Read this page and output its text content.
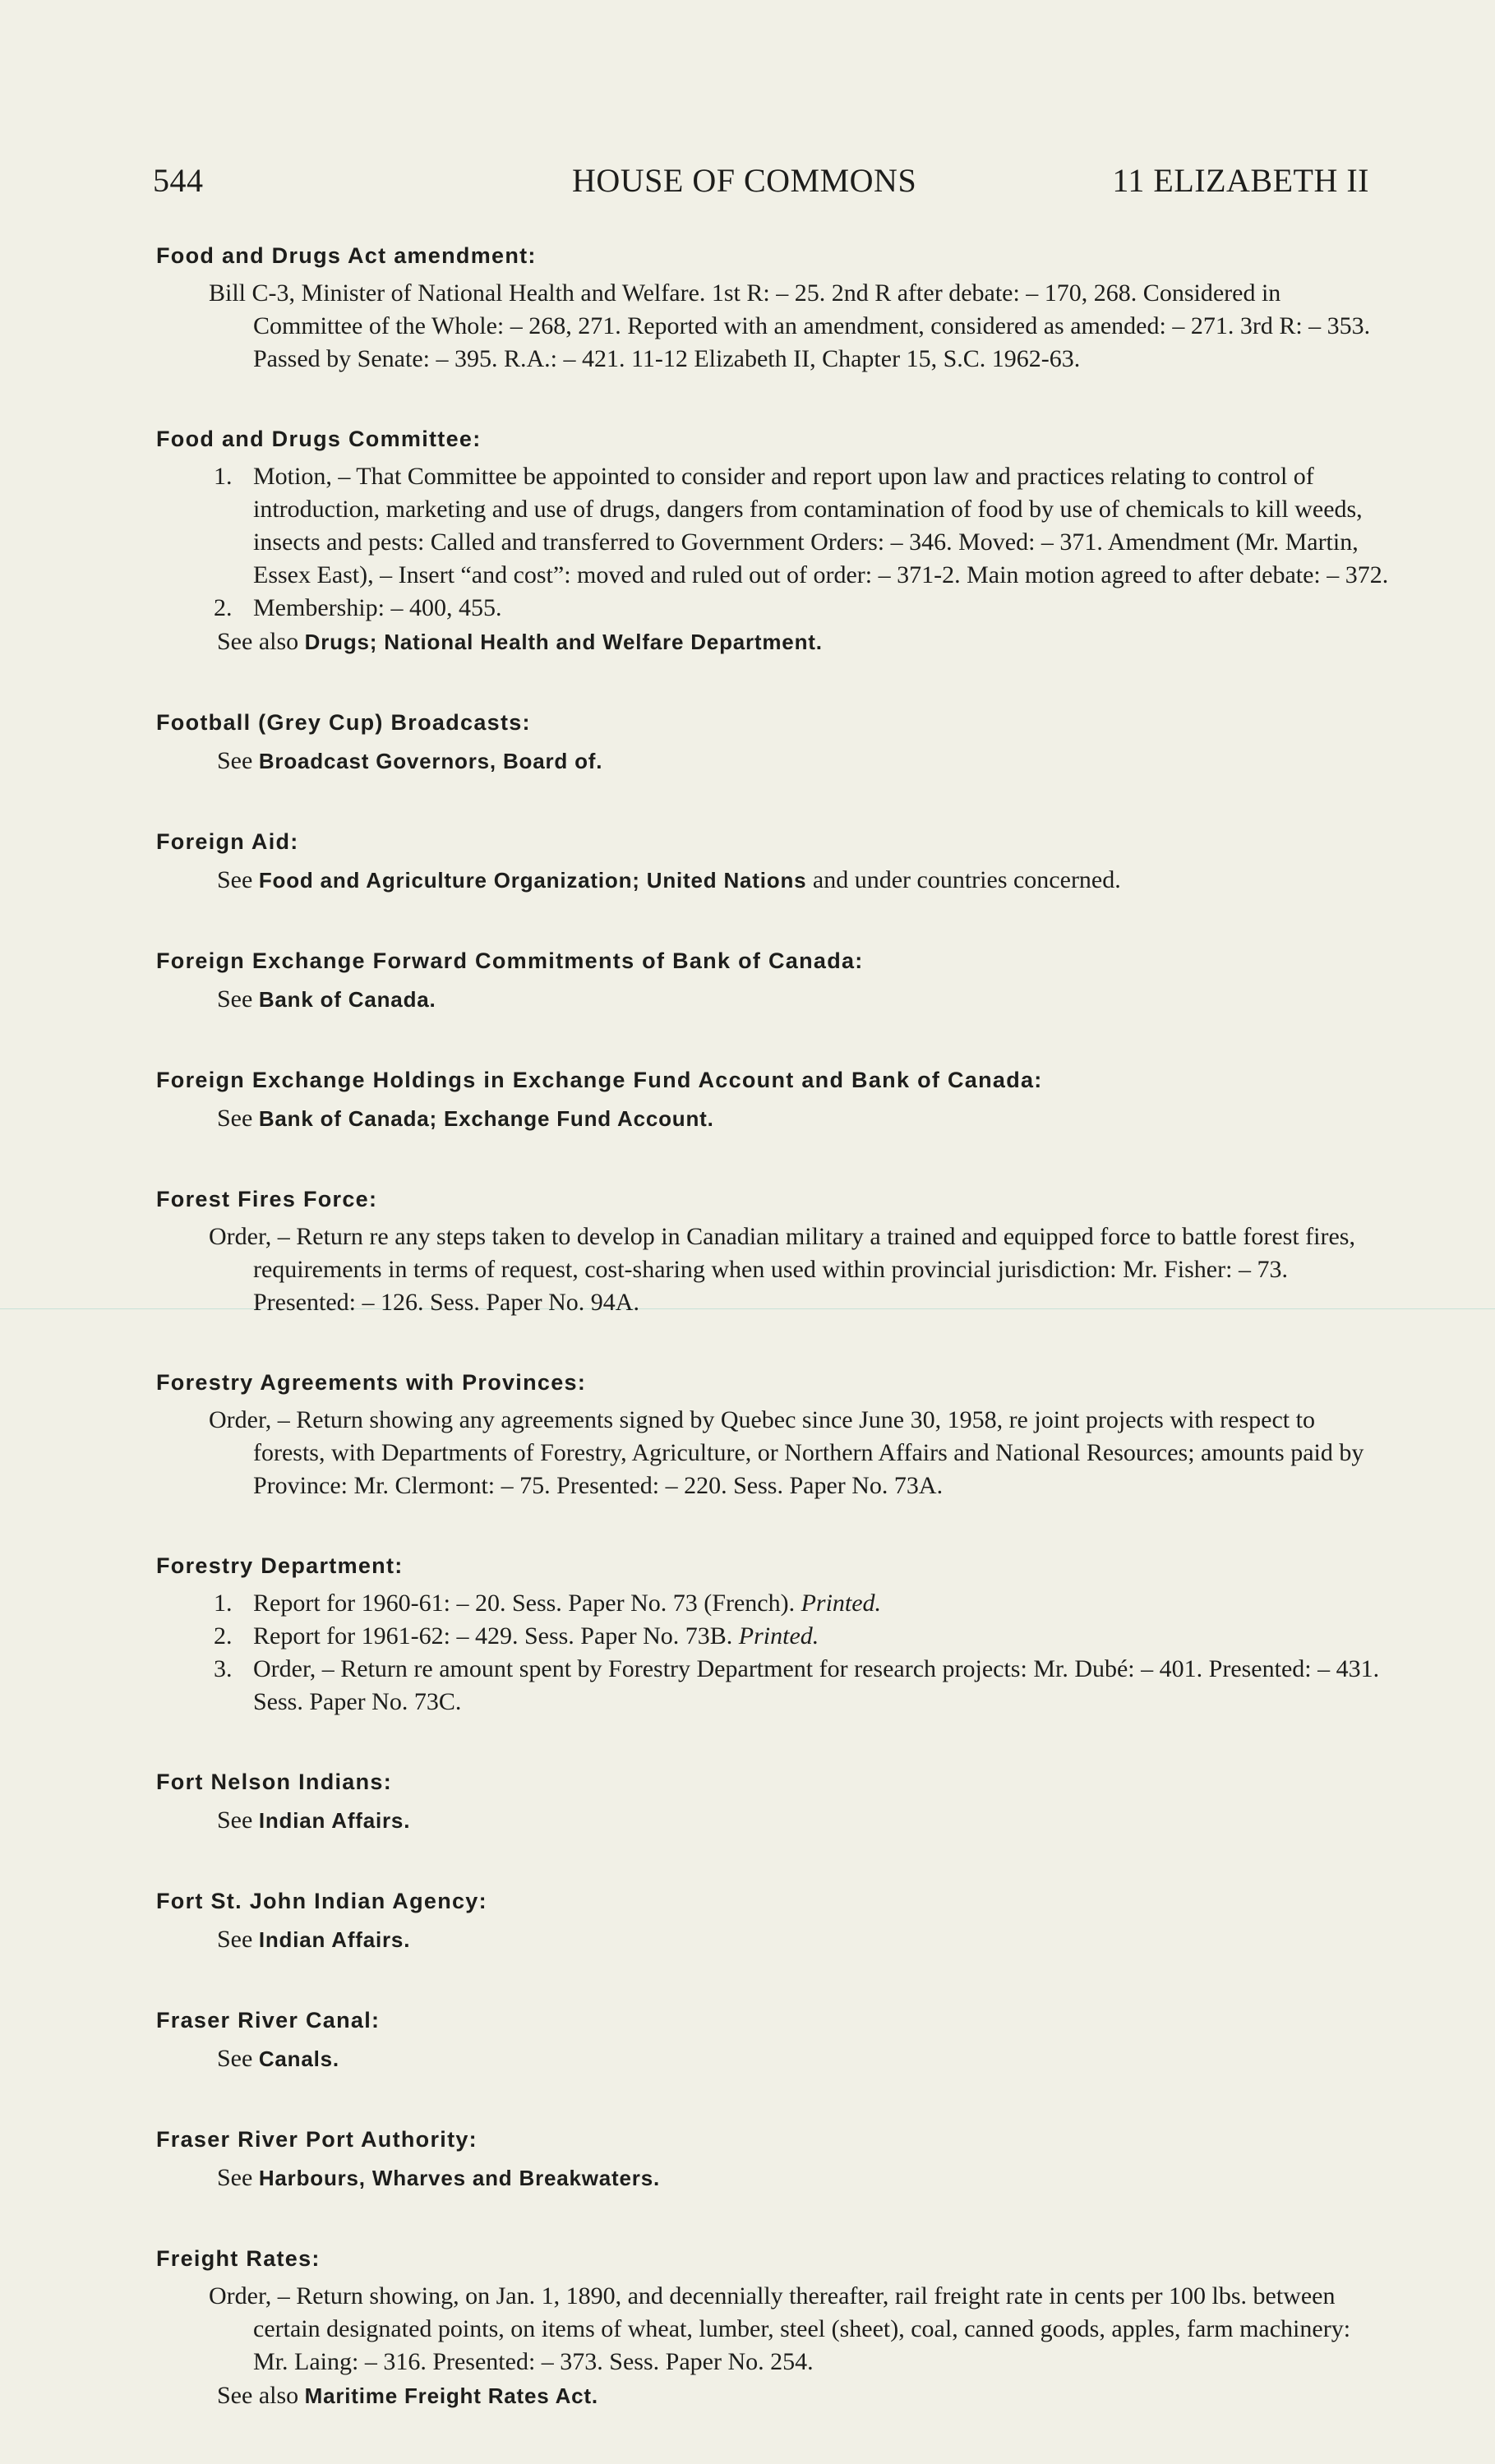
544	HOUSE OF COMMONS	11 ELIZABETH II
Food and Drugs Act amendment:
Bill C-3, Minister of National Health and Welfare. 1st R: – 25. 2nd R after debate: – 170, 268. Considered in Committee of the Whole: – 268, 271. Reported with an amendment, considered as amended: – 271. 3rd R: – 353. Passed by Senate: – 395. R.A.: – 421. 11-12 Elizabeth II, Chapter 15, S.C. 1962-63.
Food and Drugs Committee:
1. Motion, – That Committee be appointed to consider and report upon law and practices relating to control of introduction, marketing and use of drugs, dangers from contamination of food by use of chemicals to kill weeds, insects and pests: Called and transferred to Government Orders: – 346. Moved: – 371. Amendment (Mr. Martin, Essex East), – Insert “and cost”: moved and ruled out of order: – 371-2. Main motion agreed to after debate: – 372.
2. Membership: – 400, 455.
See also Drugs; National Health and Welfare Department.
Football (Grey Cup) Broadcasts:
See Broadcast Governors, Board of.
Foreign Aid:
See Food and Agriculture Organization; United Nations and under countries concerned.
Foreign Exchange Forward Commitments of Bank of Canada:
See Bank of Canada.
Foreign Exchange Holdings in Exchange Fund Account and Bank of Canada:
See Bank of Canada; Exchange Fund Account.
Forest Fires Force:
Order, – Return re any steps taken to develop in Canadian military a trained and equipped force to battle forest fires, requirements in terms of request, cost-sharing when used within provincial jurisdiction: Mr. Fisher: – 73. Presented: – 126. Sess. Paper No. 94A.
Forestry Agreements with Provinces:
Order, – Return showing any agreements signed by Quebec since June 30, 1958, re joint projects with respect to forests, with Departments of Forestry, Agriculture, or Northern Affairs and National Resources; amounts paid by Province: Mr. Clermont: – 75. Presented: – 220. Sess. Paper No. 73A.
Forestry Department:
1. Report for 1960-61: – 20. Sess. Paper No. 73 (French). Printed.
2. Report for 1961-62: – 429. Sess. Paper No. 73B. Printed.
3. Order, – Return re amount spent by Forestry Department for research projects: Mr. Dubé: – 401. Presented: – 431. Sess. Paper No. 73C.
Fort Nelson Indians:
See Indian Affairs.
Fort St. John Indian Agency:
See Indian Affairs.
Fraser River Canal:
See Canals.
Fraser River Port Authority:
See Harbours, Wharves and Breakwaters.
Freight Rates:
Order, – Return showing, on Jan. 1, 1890, and decennially thereafter, rail freight rate in cents per 100 lbs. between certain designated points, on items of wheat, lumber, steel (sheet), coal, canned goods, apples, farm machinery: Mr. Laing: – 316. Presented: – 373. Sess. Paper No. 254.
See also Maritime Freight Rates Act.
